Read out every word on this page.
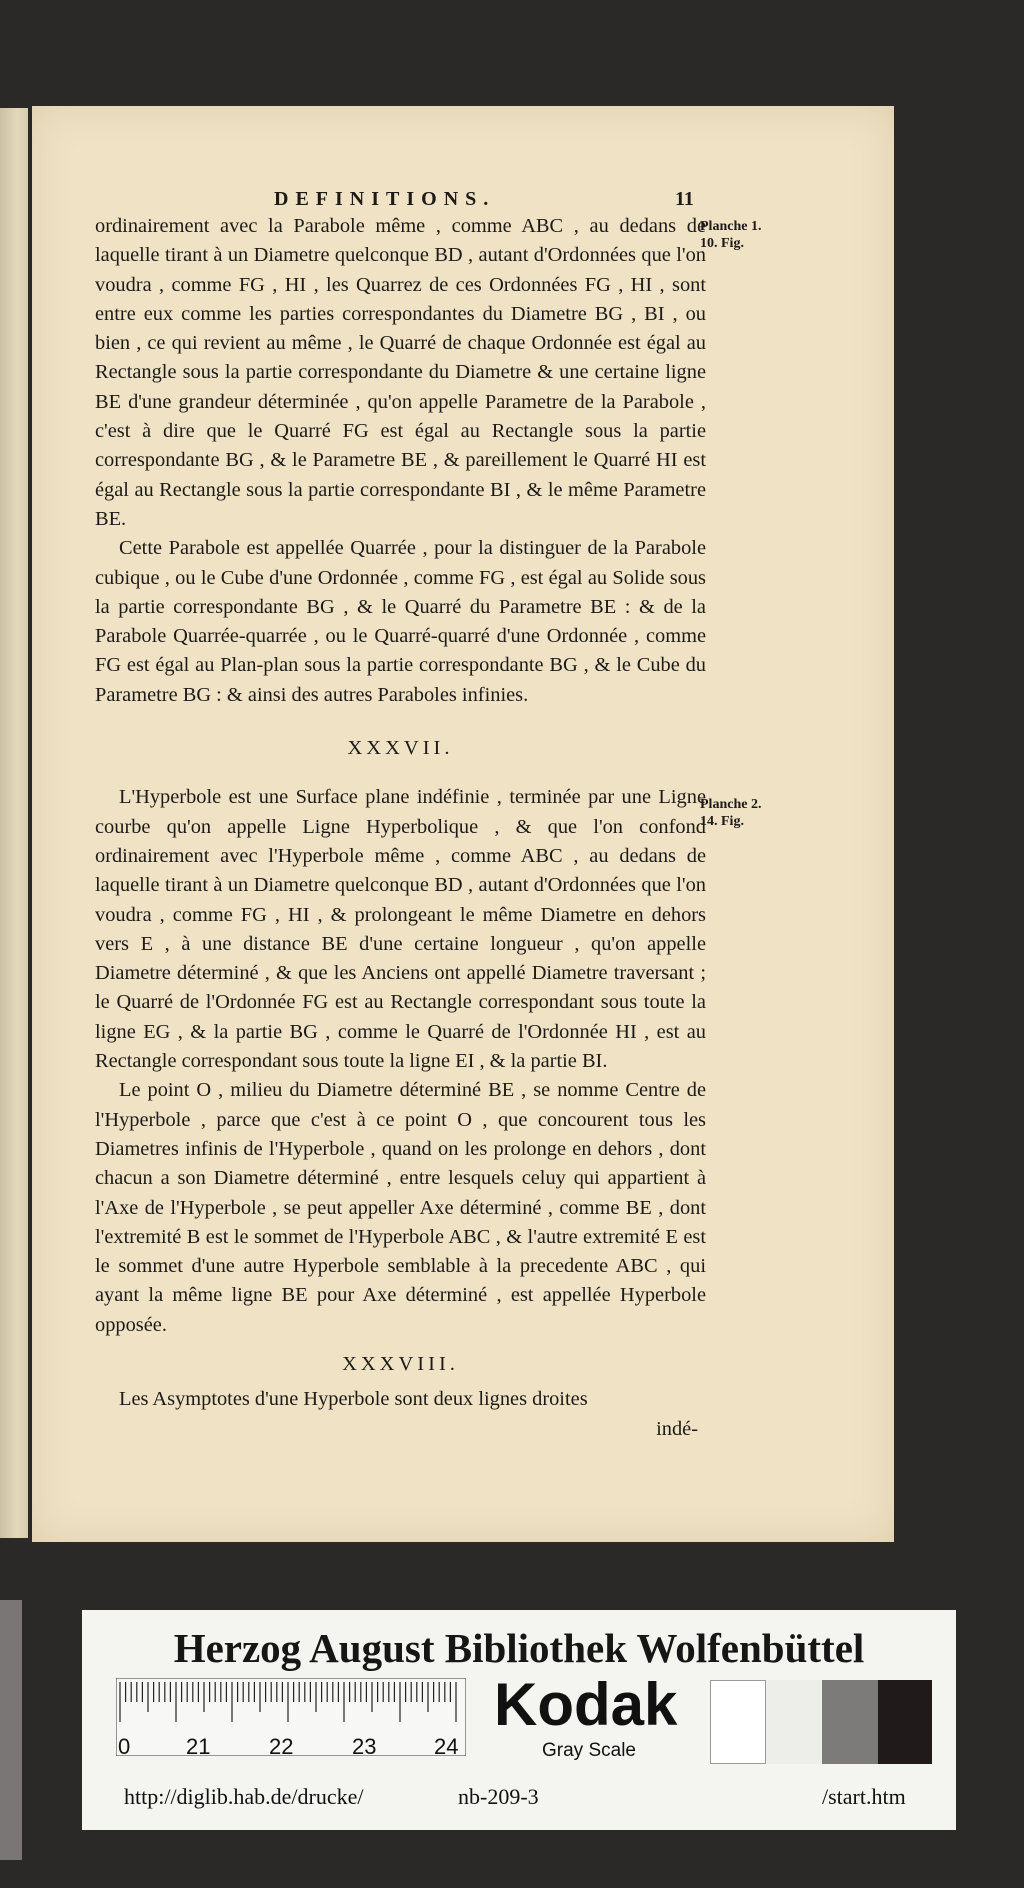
DEFINITIONS.	11
Planche 1. 10. Fig.
Planche 2. 14. Fig.

ordinairement avec la Parabole même , comme ABC , au dedans de laquelle tirant à un Diametre quelconque BD , autant d'Ordonnées que l'on voudra , comme FG , HI , les Quarrez de ces Ordonnées FG , HI , sont entre eux comme les parties correspondantes du Diametre BG , BI , ou bien , ce qui revient au même , le Quarré de chaque Ordonnée est égal au Rectangle sous la partie correspondante du Diametre & une certaine ligne BE d'une grandeur déterminée , qu'on appelle Parametre de la Parabole , c'est à dire que le Quarré FG est égal au Rectangle sous la partie correspondante BG , & le Parametre BE , & pareillement le Quarré HI est égal au Rectangle sous la partie correspondante BI , & le même Parametre BE.

Cette Parabole est appellée Quarrée , pour la distinguer de la Parabole cubique , ou le Cube d'une Ordonnée , comme FG , est égal au Solide sous la partie correspondante BG , & le Quarré du Parametre BE : & de la Parabole Quarrée-quarrée , ou le Quarré-quarré d'une Ordonnée , comme FG est égal au Plan-plan sous la partie correspondante BG , & le Cube du Parametre BG : & ainsi des autres Paraboles infinies.

XXXVII.

L'Hyperbole est une Surface plane indéfinie , terminée par une Ligne courbe qu'on appelle Ligne Hyperbolique , & que l'on confond ordinairement avec l'Hyperbole même , comme ABC , au dedans de laquelle tirant à un Diametre quelconque BD , autant d'Ordonnées que l'on voudra , comme FG , HI , & prolongeant le même Diametre en dehors vers E , à une distance BE d'une certaine longueur , qu'on appelle Diametre déterminé , & que les Anciens ont appellé Diametre traversant ; le Quarré de l'Ordonnée FG est au Rectangle correspondant sous toute la ligne EG , & la partie BG , comme le Quarré de l'Ordonnée HI , est au Rectangle correspondant sous toute la ligne EI , & la partie BI.

Le point O , milieu du Diametre déterminé BE , se nomme Centre de l'Hyperbole , parce que c'est à ce point O , que concourent tous les Diametres infinis de l'Hyperbole , quand on les prolonge en dehors , dont chacun a son Diametre déterminé , entre lesquels celuy qui appartient à l'Axe de l'Hyperbole , se peut appeller Axe déterminé , comme BE , dont l'extremité B est le sommet de l'Hyperbole ABC , & l'autre extremité E est le sommet d'une autre Hyperbole semblable à la precedente ABC , qui ayant la même ligne BE pour Axe déterminé , est appellée Hyperbole opposée.

XXXVIII.

Les Asymptotes d'une Hyperbole sont deux lignes droites

indé-
Herzog August Bibliothek Wolfenbüttel
0	21	22	23	24
Kodak
Gray Scale
http://diglib.hab.de/drucke/	nb-209-3	/start.htm
